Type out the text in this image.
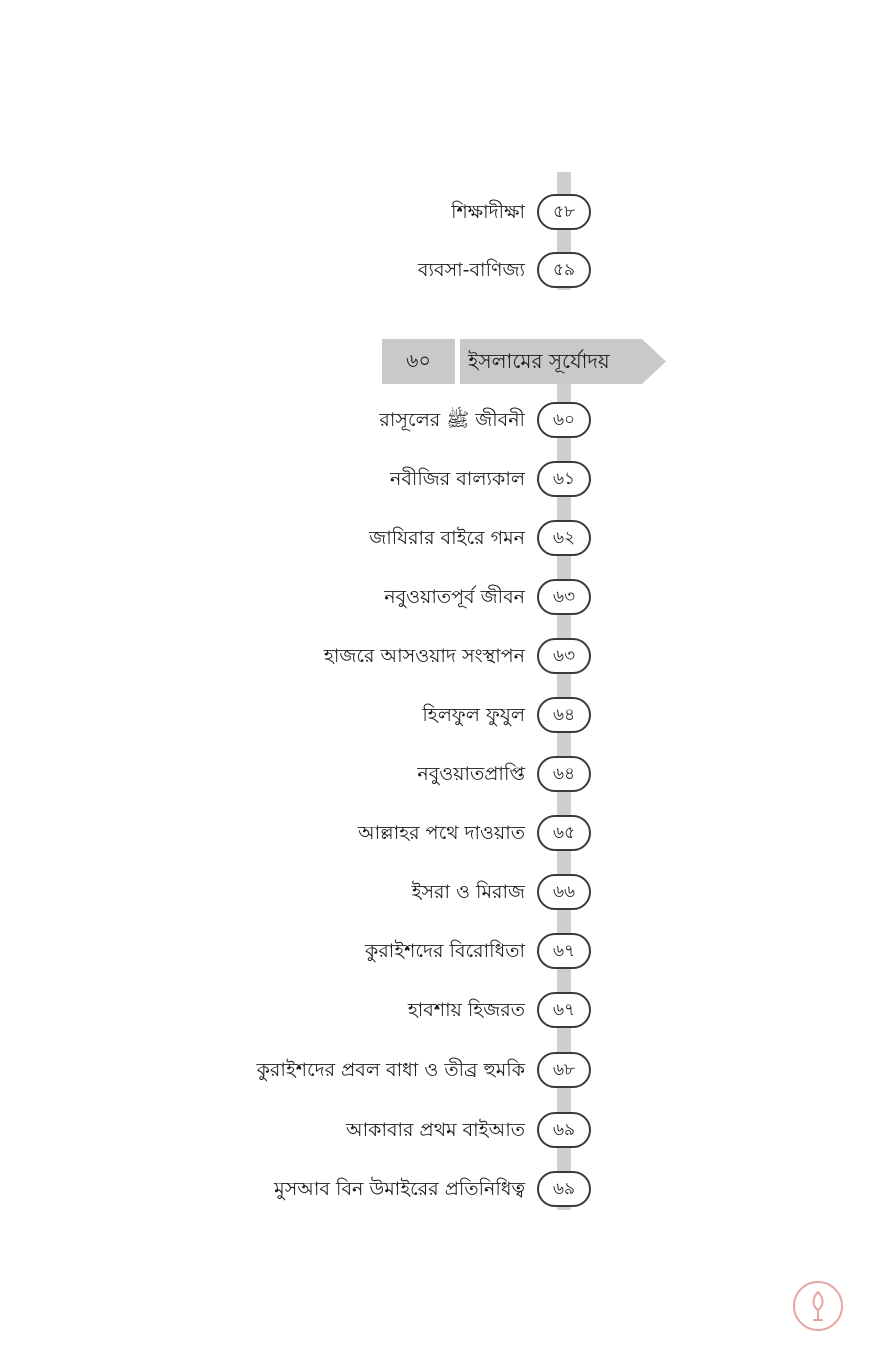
শিক্ষাদীক্ষা	৫৮
ব্যবসা-বাণিজ্য	৫৯
৬০	ইসলামের সূর্যোদয়
রাসূলের ﷺ জীবনী	৬০
নবীজির বাল্যকাল	৬১
জাযিরার বাইরে গমন	৬২
নবুওয়াতপূর্ব জীবন	৬৩
হাজরে আসওয়াদ সংস্থাপন	৬৩
হিলফুল ফুযুল	৬৪
নবুওয়াতপ্রাপ্তি	৬৪
আল্লাহর পথে দাওয়াত	৬৫
ইসরা ও মিরাজ	৬৬
কুরাইশদের বিরোধিতা	৬৭
হাবশায় হিজরত	৬৭
কুরাইশদের প্রবল বাধা ও তীব্র হুমকি	৬৮
আকাবার প্রথম বাইআত	৬৯
মুসআব বিন উমাইরের প্রতিনিধিত্ব	৬৯
